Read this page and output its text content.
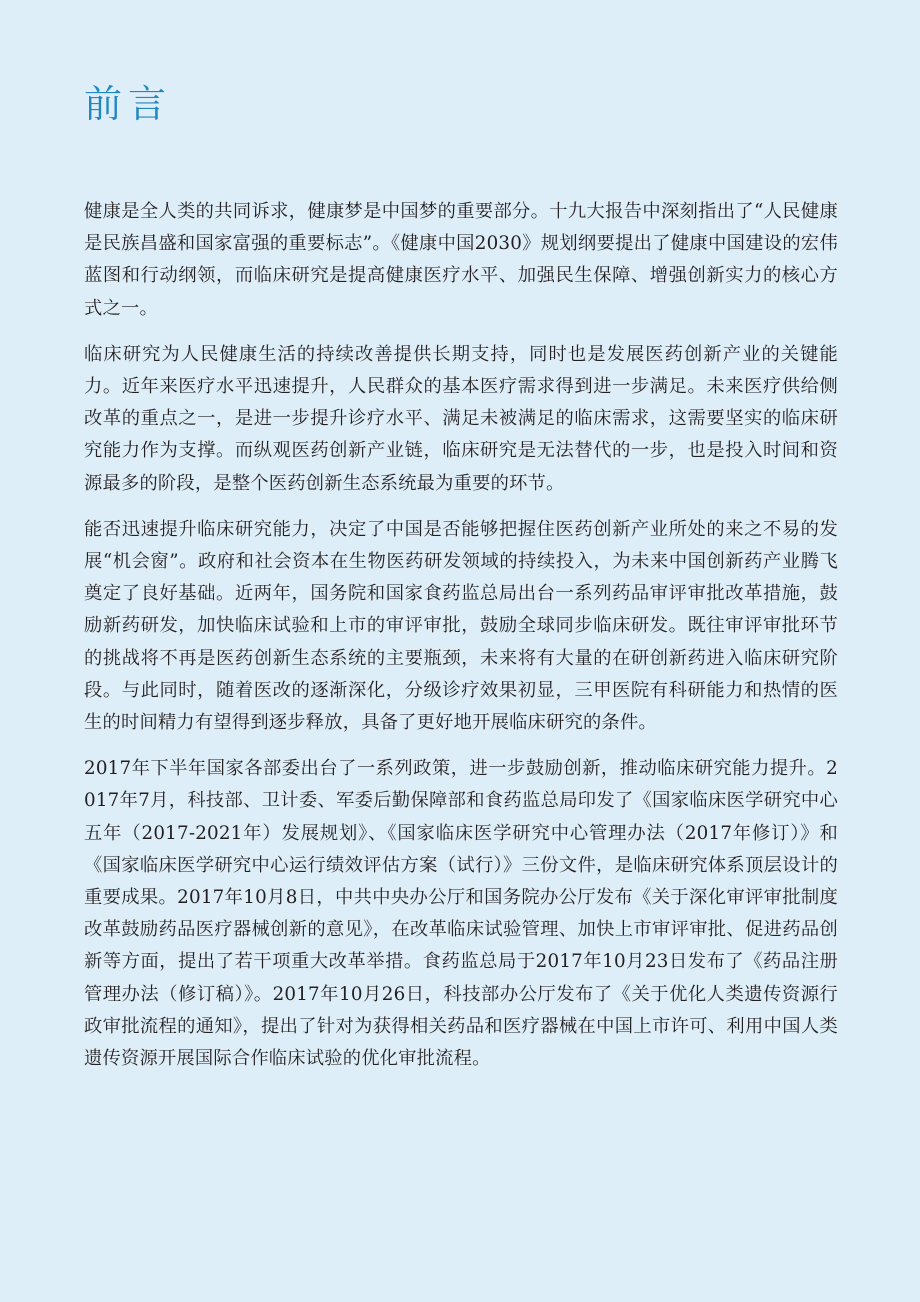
前言

健康是全人类的共同诉求，健康梦是中国梦的重要部分。十九大报告中深刻指出了“人民健康是民族昌盛和国家富强的重要标志”。《健康中国2030》规划纲要提出了健康中国建设的宏伟蓝图和行动纲领，而临床研究是提高健康医疗水平、加强民生保障、增强创新实力的核心方式之一。

临床研究为人民健康生活的持续改善提供长期支持，同时也是发展医药创新产业的关键能力。近年来医疗水平迅速提升，人民群众的基本医疗需求得到进一步满足。未来医疗供给侧改革的重点之一，是进一步提升诊疗水平、满足未被满足的临床需求，这需要坚实的临床研究能力作为支撑。而纵观医药创新产业链，临床研究是无法替代的一步，也是投入时间和资源最多的阶段，是整个医药创新生态系统最为重要的环节。

能否迅速提升临床研究能力，决定了中国是否能够把握住医药创新产业所处的来之不易的发展“机会窗”。政府和社会资本在生物医药研发领域的持续投入，为未来中国创新药产业腾飞奠定了良好基础。近两年，国务院和国家食药监总局出台一系列药品审评审批改革措施，鼓励新药研发，加快临床试验和上市的审评审批，鼓励全球同步临床研发。既往审评审批环节的挑战将不再是医药创新生态系统的主要瓶颈，未来将有大量的在研创新药进入临床研究阶段。与此同时，随着医改的逐渐深化，分级诊疗效果初显，三甲医院有科研能力和热情的医生的时间精力有望得到逐步释放，具备了更好地开展临床研究的条件。

2017年下半年国家各部委出台了一系列政策，进一步鼓励创新，推动临床研究能力提升。2017年7月，科技部、卫计委、军委后勤保障部和食药监总局印发了《国家临床医学研究中心五年（2017-2021年）发展规划》、《国家临床医学研究中心管理办法（2017年修订）》和《国家临床医学研究中心运行绩效评估方案（试行）》三份文件，是临床研究体系顶层设计的重要成果。2017年10月8日，中共中央办公厅和国务院办公厅发布《关于深化审评审批制度改革鼓励药品医疗器械创新的意见》，在改革临床试验管理、加快上市审评审批、促进药品创新等方面，提出了若干项重大改革举措。食药监总局于2017年10月23日发布了《药品注册管理办法（修订稿）》。2017年10月26日，科技部办公厅发布了《关于优化人类遗传资源行政审批流程的通知》，提出了针对为获得相关药品和医疗器械在中国上市许可、利用中国人类遗传资源开展国际合作临床试验的优化审批流程。
